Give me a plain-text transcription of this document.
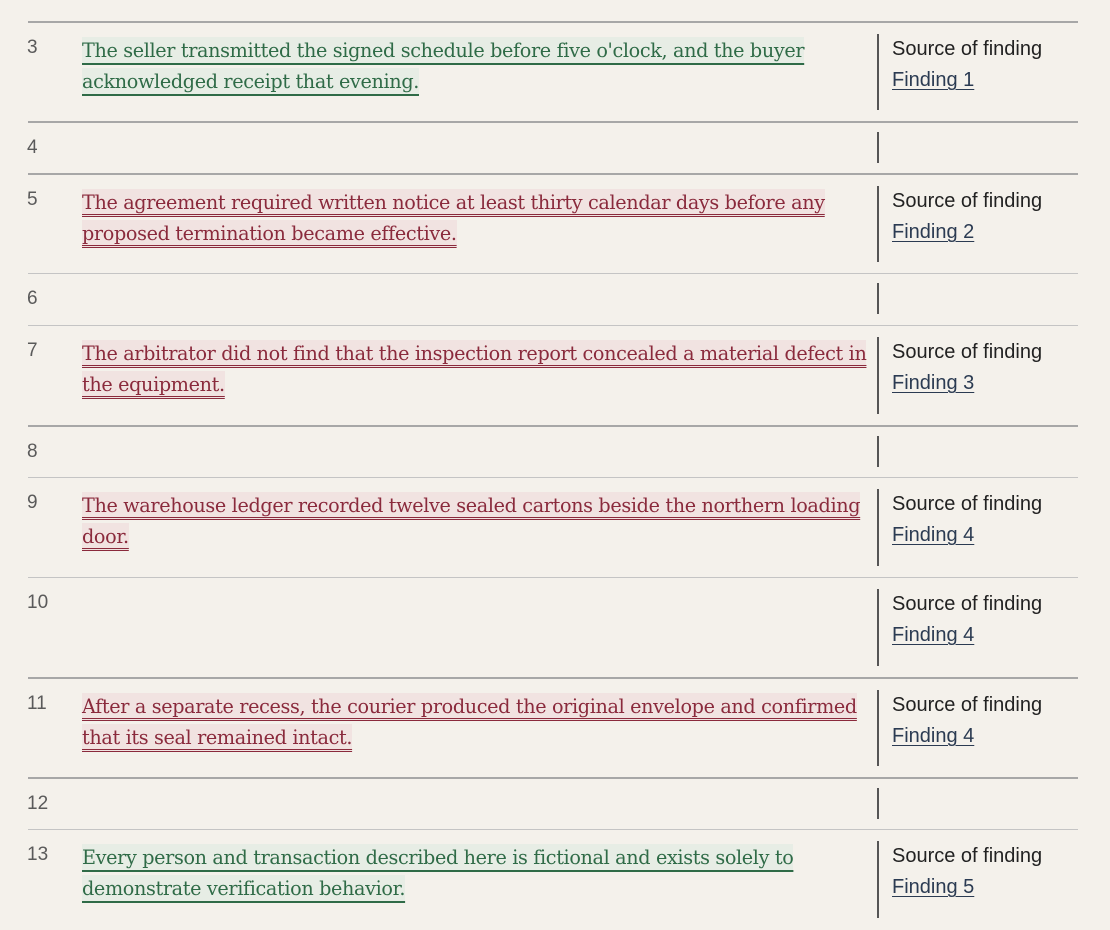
3 The seller transmitted the signed schedule before five o'clock, and the buyer acknowledged receipt that evening.
Source of finding
Finding 1
4
5 The agreement required written notice at least thirty calendar days before any proposed termination became effective.
Source of finding
Finding 2
6
7 The arbitrator did not find that the inspection report concealed a material defect in the equipment.
Source of finding
Finding 3
8
9 The warehouse ledger recorded twelve sealed cartons beside the northern loading door.
Source of finding
Finding 4
10	Source of finding
Finding 4
11 After a separate recess, the courier produced the original envelope and confirmed that its seal remained intact.
Source of finding
Finding 4
12
13 Every person and transaction described here is fictional and exists solely to demonstrate verification behavior.
Source of finding
Finding 5
